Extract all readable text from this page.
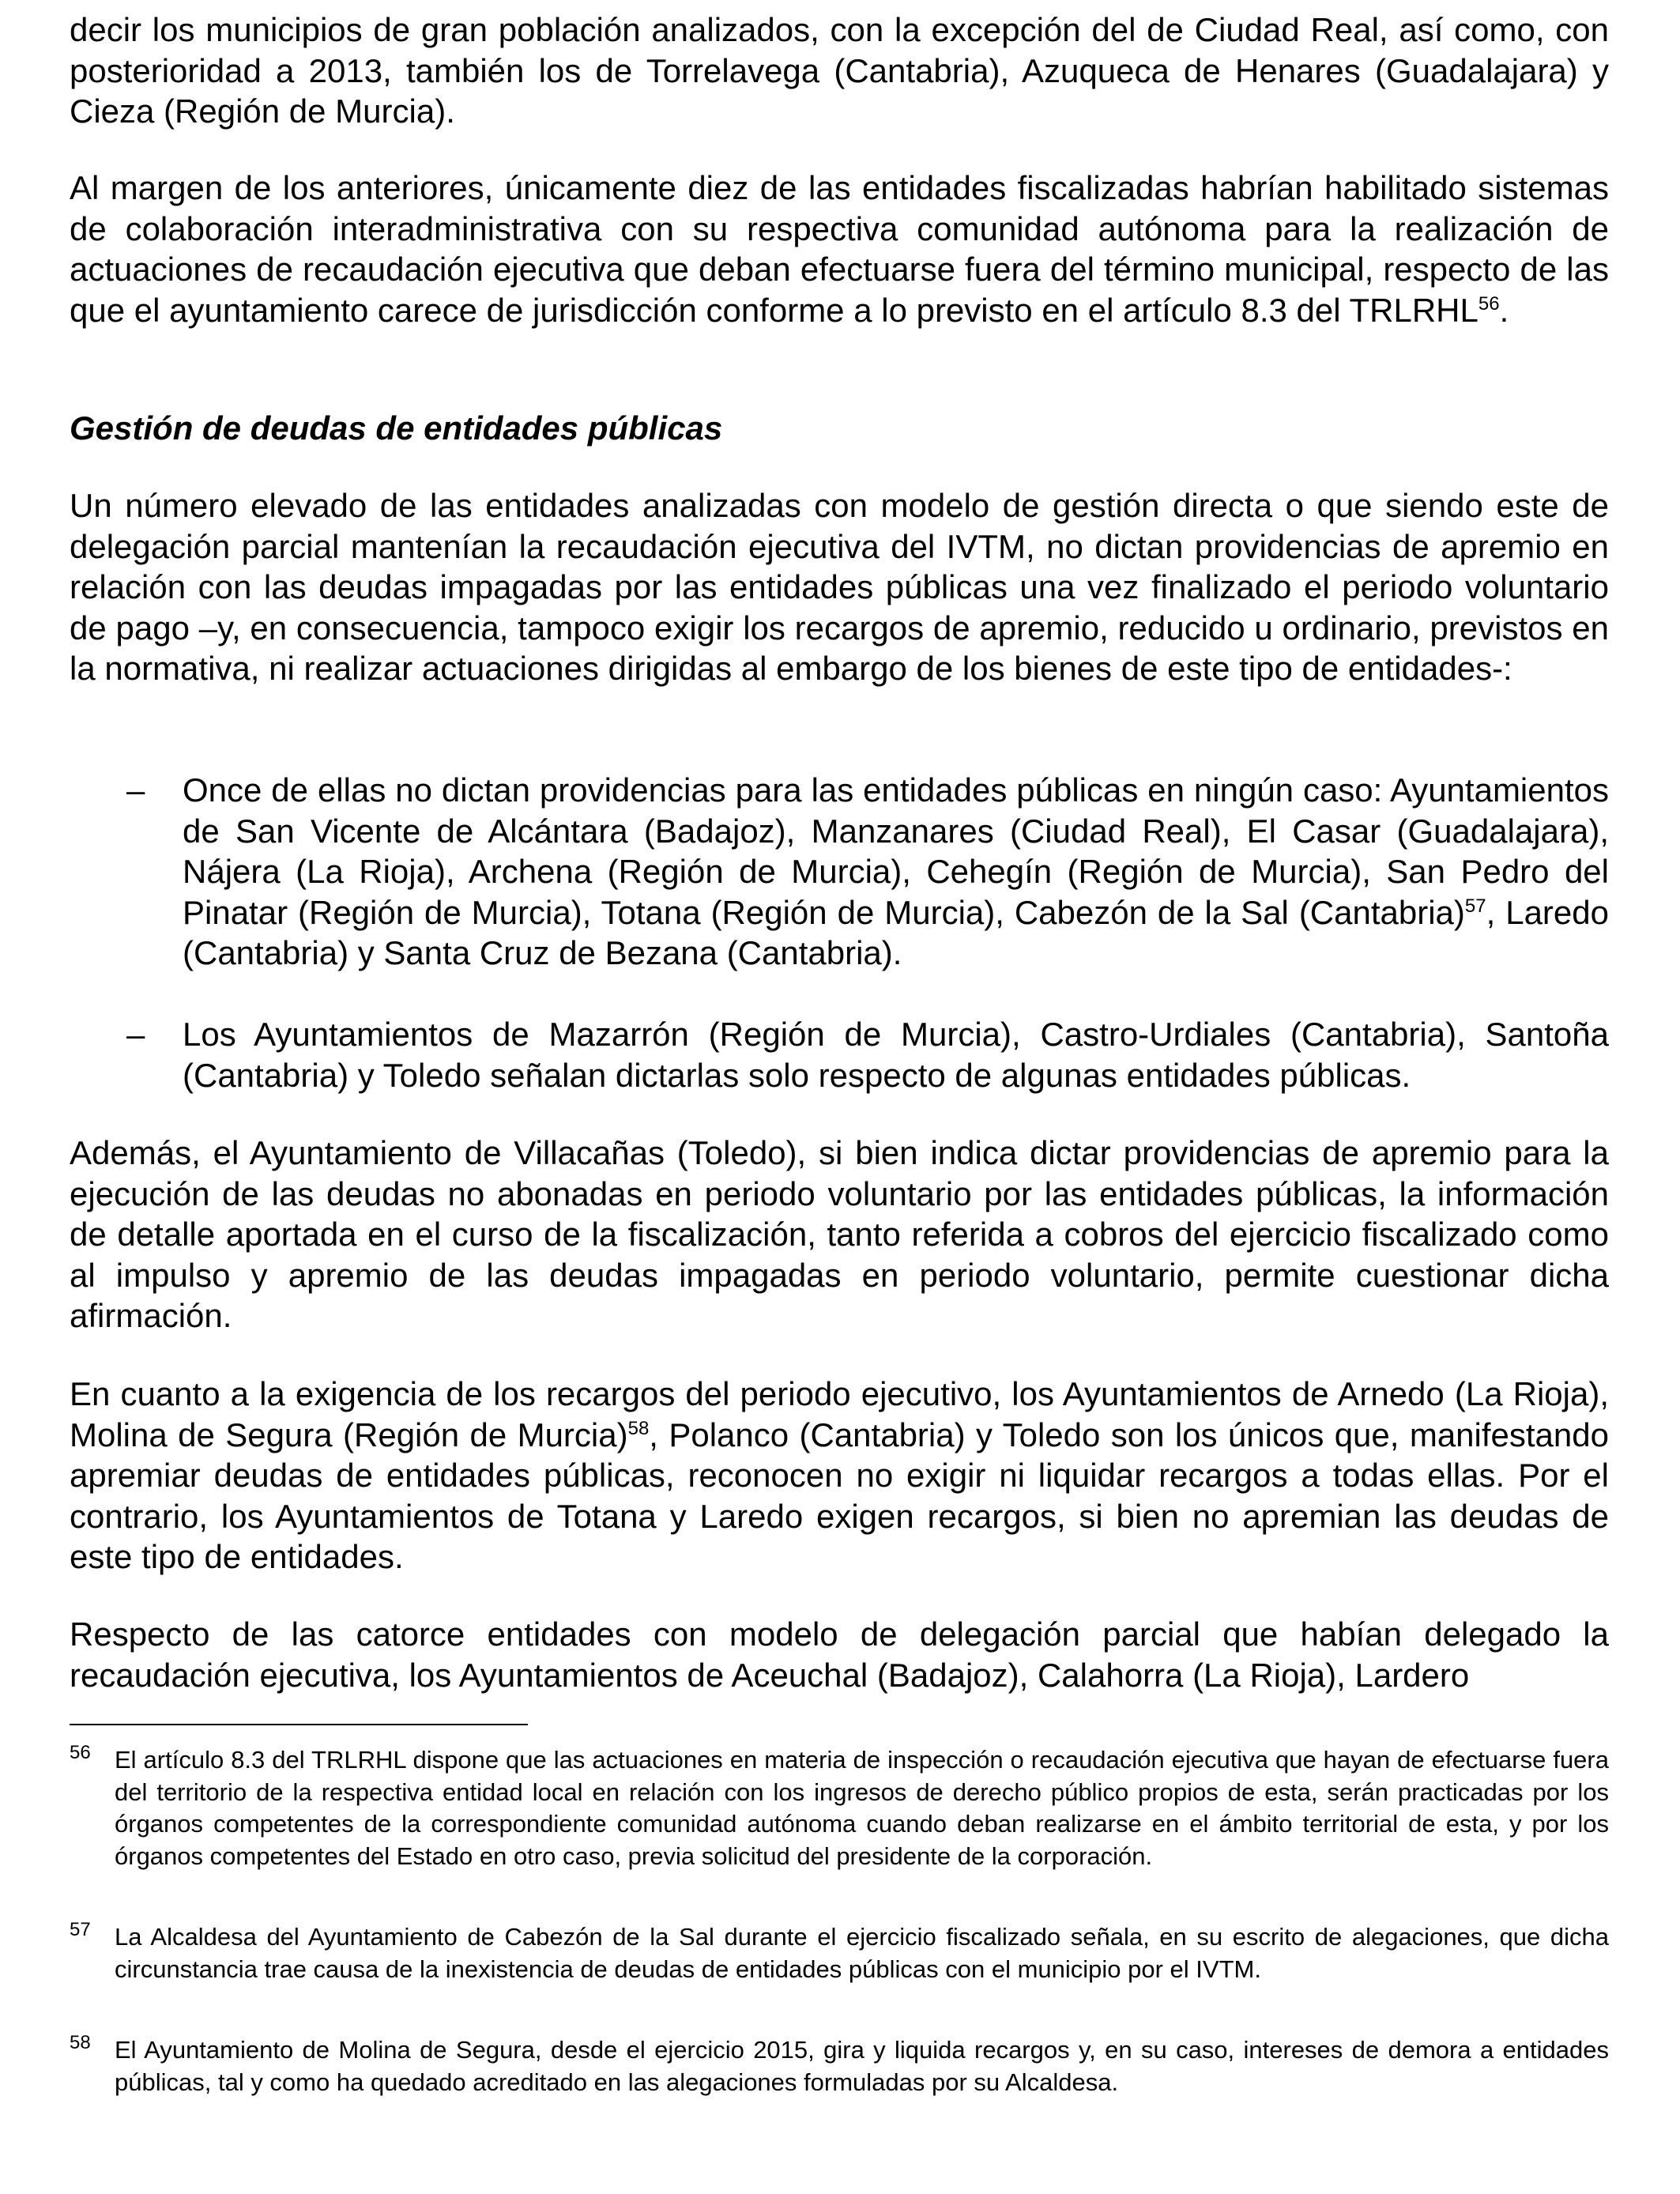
decir los municipios de gran población analizados, con la excepción del de Ciudad Real, así como, con posterioridad a 2013, también los de Torrelavega (Cantabria), Azuqueca de Henares (Guadalajara) y Cieza (Región de Murcia).

Al margen de los anteriores, únicamente diez de las entidades fiscalizadas habrían habilitado sistemas de colaboración interadministrativa con su respectiva comunidad autónoma para la realización de actuaciones de recaudación ejecutiva que deban efectuarse fuera del término municipal, respecto de las que el ayuntamiento carece de jurisdicción conforme a lo previsto en el artículo 8.3 del TRLRHL$^{56}$.

Gestión de deudas de entidades públicas

Un número elevado de las entidades analizadas con modelo de gestión directa o que siendo este de delegación parcial mantenían la recaudación ejecutiva del IVTM, no dictan providencias de apremio en relación con las deudas impagadas por las entidades públicas una vez finalizado el periodo voluntario de pago –y, en consecuencia, tampoco exigir los recargos de apremio, reducido u ordinario, previstos en la normativa, ni realizar actuaciones dirigidas al embargo de los bienes de este tipo de entidades-:

– Once de ellas no dictan providencias para las entidades públicas en ningún caso: Ayuntamientos de San Vicente de Alcántara (Badajoz), Manzanares (Ciudad Real), El Casar (Guadalajara), Nájera (La Rioja), Archena (Región de Murcia), Cehegín (Región de Murcia), San Pedro del Pinatar (Región de Murcia), Totana (Región de Murcia), Cabezón de la Sal (Cantabria)$^{57}$, Laredo (Cantabria) y Santa Cruz de Bezana (Cantabria).

– Los Ayuntamientos de Mazarrón (Región de Murcia), Castro-Urdiales (Cantabria), Santoña (Cantabria) y Toledo señalan dictarlas solo respecto de algunas entidades públicas.

Además, el Ayuntamiento de Villacañas (Toledo), si bien indica dictar providencias de apremio para la ejecución de las deudas no abonadas en periodo voluntario por las entidades públicas, la información de detalle aportada en el curso de la fiscalización, tanto referida a cobros del ejercicio fiscalizado como al impulso y apremio de las deudas impagadas en periodo voluntario, permite cuestionar dicha afirmación.

En cuanto a la exigencia de los recargos del periodo ejecutivo, los Ayuntamientos de Arnedo (La Rioja), Molina de Segura (Región de Murcia)$^{58}$, Polanco (Cantabria) y Toledo son los únicos que, manifestando apremiar deudas de entidades públicas, reconocen no exigir ni liquidar recargos a todas ellas. Por el contrario, los Ayuntamientos de Totana y Laredo exigen recargos, si bien no apremian las deudas de este tipo de entidades.

Respecto de las catorce entidades con modelo de delegación parcial que habían delegado la recaudación ejecutiva, los Ayuntamientos de Aceuchal (Badajoz), Calahorra (La Rioja), Lardero

56 El artículo 8.3 del TRLRHL dispone que las actuaciones en materia de inspección o recaudación ejecutiva que hayan de efectuarse fuera del territorio de la respectiva entidad local en relación con los ingresos de derecho público propios de esta, serán practicadas por los órganos competentes de la correspondiente comunidad autónoma cuando deban realizarse en el ámbito territorial de esta, y por los órganos competentes del Estado en otro caso, previa solicitud del presidente de la corporación.

57 La Alcaldesa del Ayuntamiento de Cabezón de la Sal durante el ejercicio fiscalizado señala, en su escrito de alegaciones, que dicha circunstancia trae causa de la inexistencia de deudas de entidades públicas con el municipio por el IVTM.

58 El Ayuntamiento de Molina de Segura, desde el ejercicio 2015, gira y liquida recargos y, en su caso, intereses de demora a entidades públicas, tal y como ha quedado acreditado en las alegaciones formuladas por su Alcaldesa.
